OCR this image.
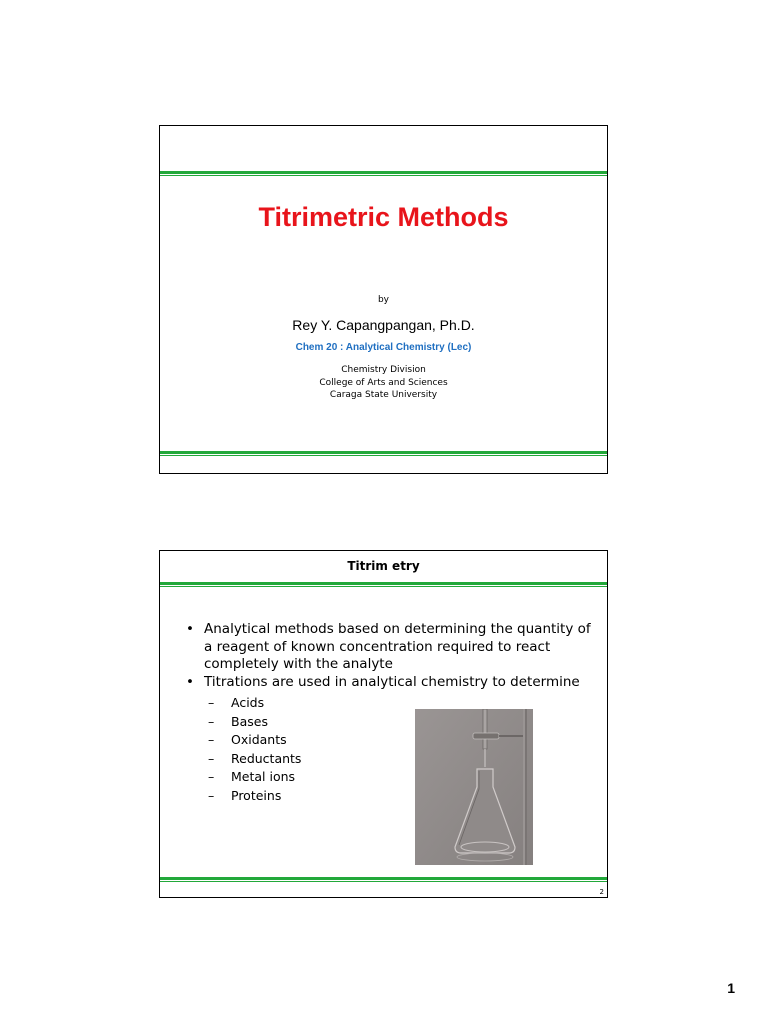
Titrimetric Methods
by
Rey Y. Capangpangan, Ph.D.
Chem 20 : Analytical Chemistry (Lec)
Chemistry Division
College of Arts and Sciences
Caraga State University
Titrim etry
• Analytical methods based on determining the quantity of a reagent of known concentration required to react completely with the analyte
• Titrations are used in analytical chemistry to determine
– Acids
– Bases
– Oxidants
– Reductants
– Metal ions
– Proteins
2
1
